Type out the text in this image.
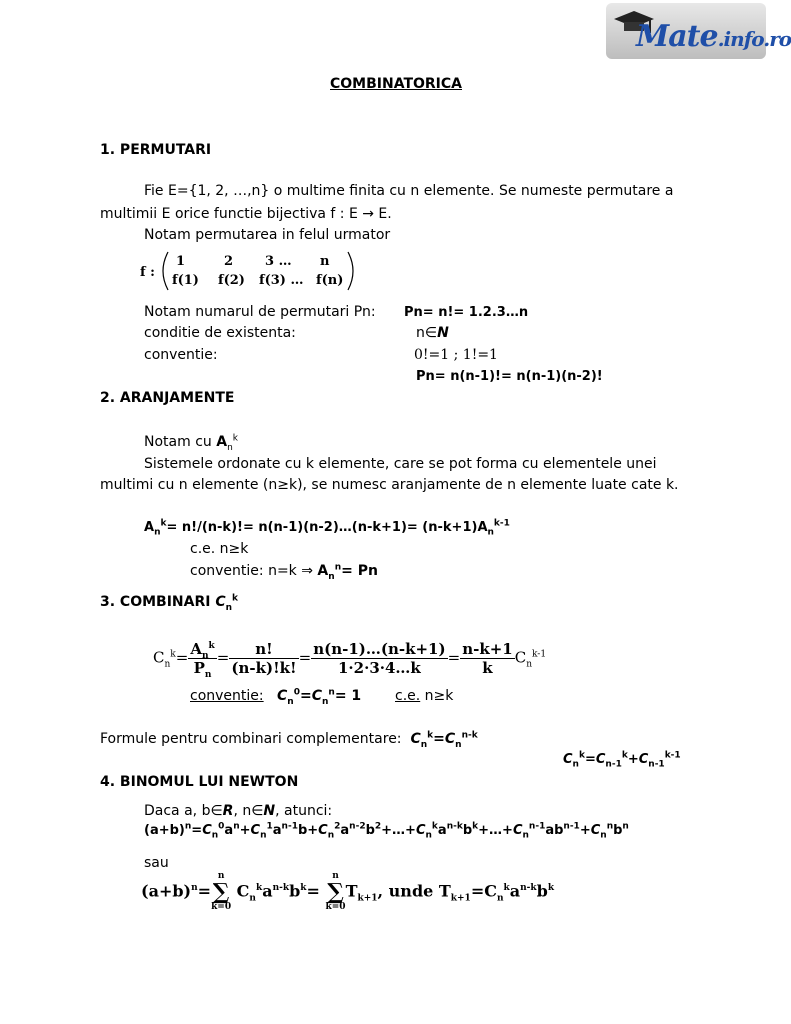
Mate.info.ro
COMBINATORICA
1. PERMUTARI
Fie E={1, 2, …,n} o multime finita cu n elemente. Se numeste permutare a
multimii E orice functie bijectiva f : E → E.
Notam permutarea in felul urmator
f :
1	2 3 … n
f(1) f(2) f(3) … f(n)
Notam numarul de permutari Pn: Pn= n!= 1.2.3…n
conditie de existenta:	n∈N
conventie:	0!=1 ; 1!=1
Pn= n(n-1)!= n(n-1)(n-2)!
2. ARANJAMENTE
Notam cu $A_n^k$
Sistemele ordonate cu k elemente, care se pot forma cu elementele unei
multimi cu n elemente (n≥k), se numesc aranjamente de n elemente luate cate k.
$A_n^k= n!/(n-k)!=$ n(n-1)(n-2)…(n-k+1)= $(n-k+1)A_n^{k-1}$
c.e. n≥k
conventie: n=k ⇒ $A_n^n= Pn$
3. COMBINARI $C_n^k$
$C_n^k= \frac{A_n^k}{P_n} = \frac{n!}{(n-k)!k!} = \frac{n(n-1)\dots(n-k+1)}{1\cdot 2\cdot 3\cdot 4\dots k} = \frac{n-k+1}{k} C_n^{k-1}$
conventie: $C_n^0=C_n^n= 1$ c.e. n≥k
Formule pentru combinari complementare: $C_n^k=C_n^{n-k}$
$C_n^k=C_{n-1}^k+C_{n-1}^{k-1}$
4. BINOMUL LUI NEWTON
Daca a, b∈R, n∈N, atunci:
$(a+b)^n=C_n^0a^n+C_n^1a^{n-1}b+C_n^2a^{n-2}b^2+\dots+C_n^ka^{n-k}b^k+\dots+C_n^{n-1}ab^{n-1}+C_n^nb^n$
sau
$(a+b)^n=$
n
∑
k=0
$C_n^ka^{n-k}b^k=$
n
∑
k=0
$T_{k+1}$, unde $T_{k+1}=C_n^ka^{n-k}b^k$
